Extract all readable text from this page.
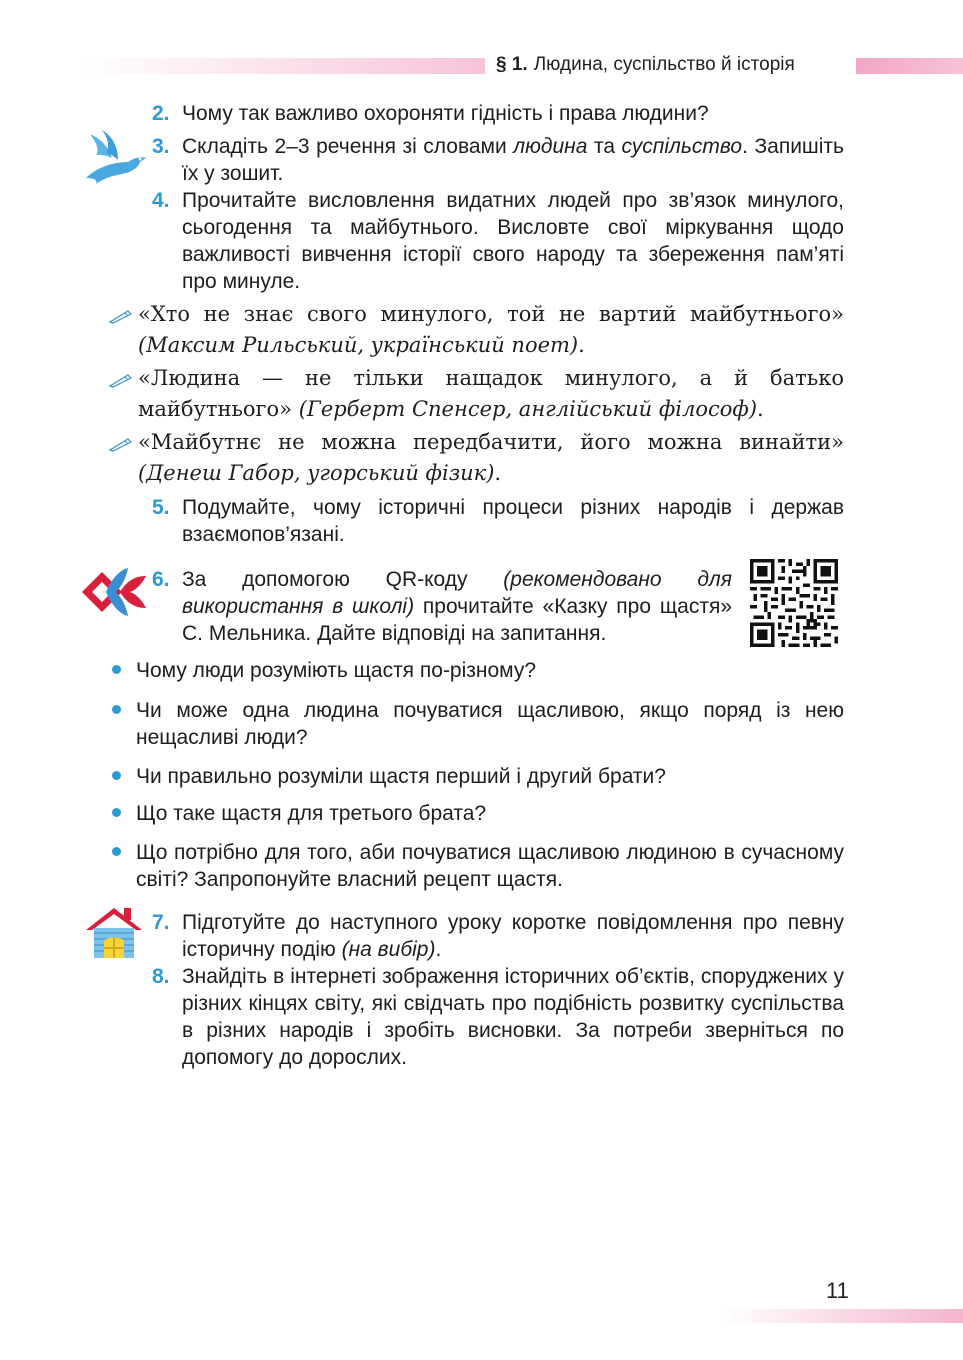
§ 1. Людина, суспільство й історія
2. Чому так важливо охороняти гідність і права людини?
3. Складіть 2–3 речення зі словами людина та суспільство. Запишіть їх у зошит.
4. Прочитайте висловлення видатних людей про зв’язок минулого, сьогодення та майбутнього. Висловте свої міркування щодо важливості вивчення історії свого народу та збереження пам’яті про минуле.
«Хто не знає свого минулого, той не вартий майбутнього» (Максим Рильський, український поет).
«Людина — не тільки нащадок минулого, а й батько майбутнього» (Герберт Спенсер, англійський філософ).
«Майбутнє не можна передбачити, його можна винайти» (Денеш Габор, угорський фізик).
5. Подумайте, чому історичні процеси різних народів і держав взаємопов’язані.
6. За допомогою QR-коду (рекомендовано для використання в школі) прочитайте «Казку про щастя» С. Мельника. Дайте відповіді на запитання.
Чому люди розуміють щастя по-різному?
Чи може одна людина почуватися щасливою, якщо поряд із нею нещасливі люди?
Чи правильно розуміли щастя перший і другий брати?
Що таке щастя для третього брата?
Що потрібно для того, аби почуватися щасливою людиною в сучасному світі? Запропонуйте власний рецепт щастя.
7. Підготуйте до наступного уроку коротке повідомлення про певну історичну подію (на вибір).
8. Знайдіть в інтернеті зображення історичних об’єктів, споруджених у різних кінцях світу, які свідчать про подібність розвитку суспільства в різних народів і зробіть висновки. За потреби зверніться по допомогу до дорослих.
11
